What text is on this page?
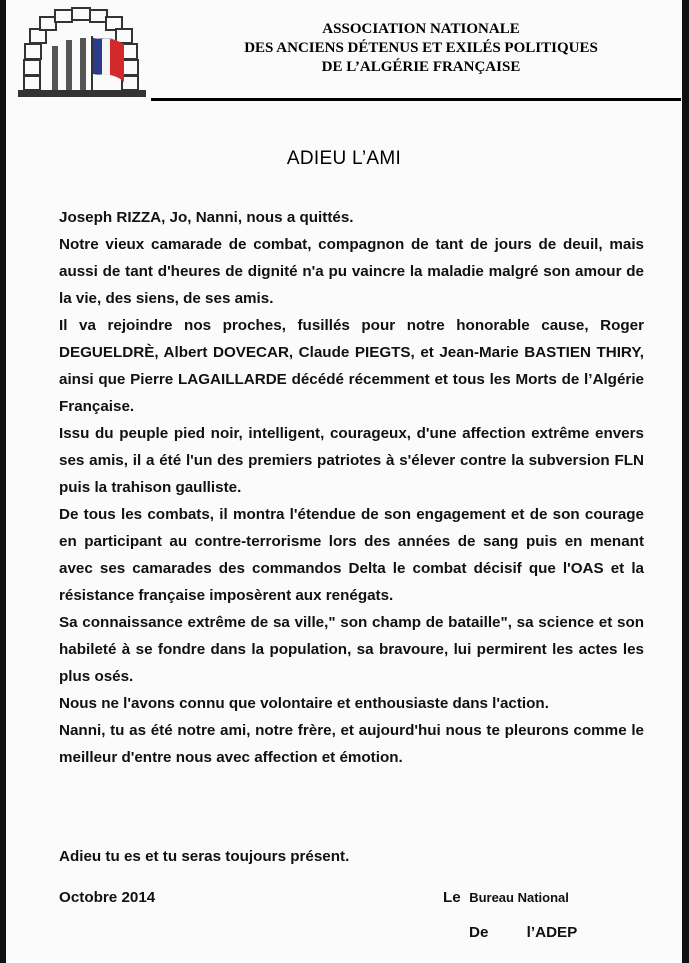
ASSOCIATION NATIONALE
DES ANCIENS DÉTENUS ET EXILÉS POLITIQUES
DE L’ALGÉRIE FRANÇAISE
ADIEU L’AMI

Joseph RIZZA, Jo, Nanni, nous a quittés.

Notre vieux camarade de combat, compagnon de tant de jours de deuil, mais aussi de tant d'heures de dignité n'a pu vaincre la maladie malgré son amour de la vie, des siens, de ses amis.

Il va rejoindre nos proches, fusillés pour notre honorable cause, Roger DEGUELDRÈ, Albert DOVECAR, Claude PIEGTS, et Jean-Marie BASTIEN THIRY, ainsi que Pierre LAGAILLARDE décédé récemment et tous les Morts de l’Algérie Française.

Issu du peuple pied noir, intelligent, courageux, d'une affection extrême envers ses amis, il a été l'un des premiers patriotes à s'élever contre la subversion FLN puis la trahison gaulliste.

De tous les combats, il montra l'étendue de son engagement et de son courage en participant au contre-terrorisme lors des années de sang puis en menant avec ses camarades des commandos Delta le combat décisif que l'OAS et la résistance française imposèrent aux renégats.

Sa connaissance extrême de sa ville," son champ de bataille", sa science et son habileté à se fondre dans la population, sa bravoure, lui permirent les actes les plus osés.

Nous ne l'avons connu que volontaire et enthousiaste dans l'action.

Nanni, tu as été notre ami, notre frère, et aujourd'hui nous te pleurons comme le meilleur d'entre nous avec affection et émotion.

Adieu tu es et tu seras toujours présent.
Octobre 2014	Le Bureau National
De	l’ADEP
